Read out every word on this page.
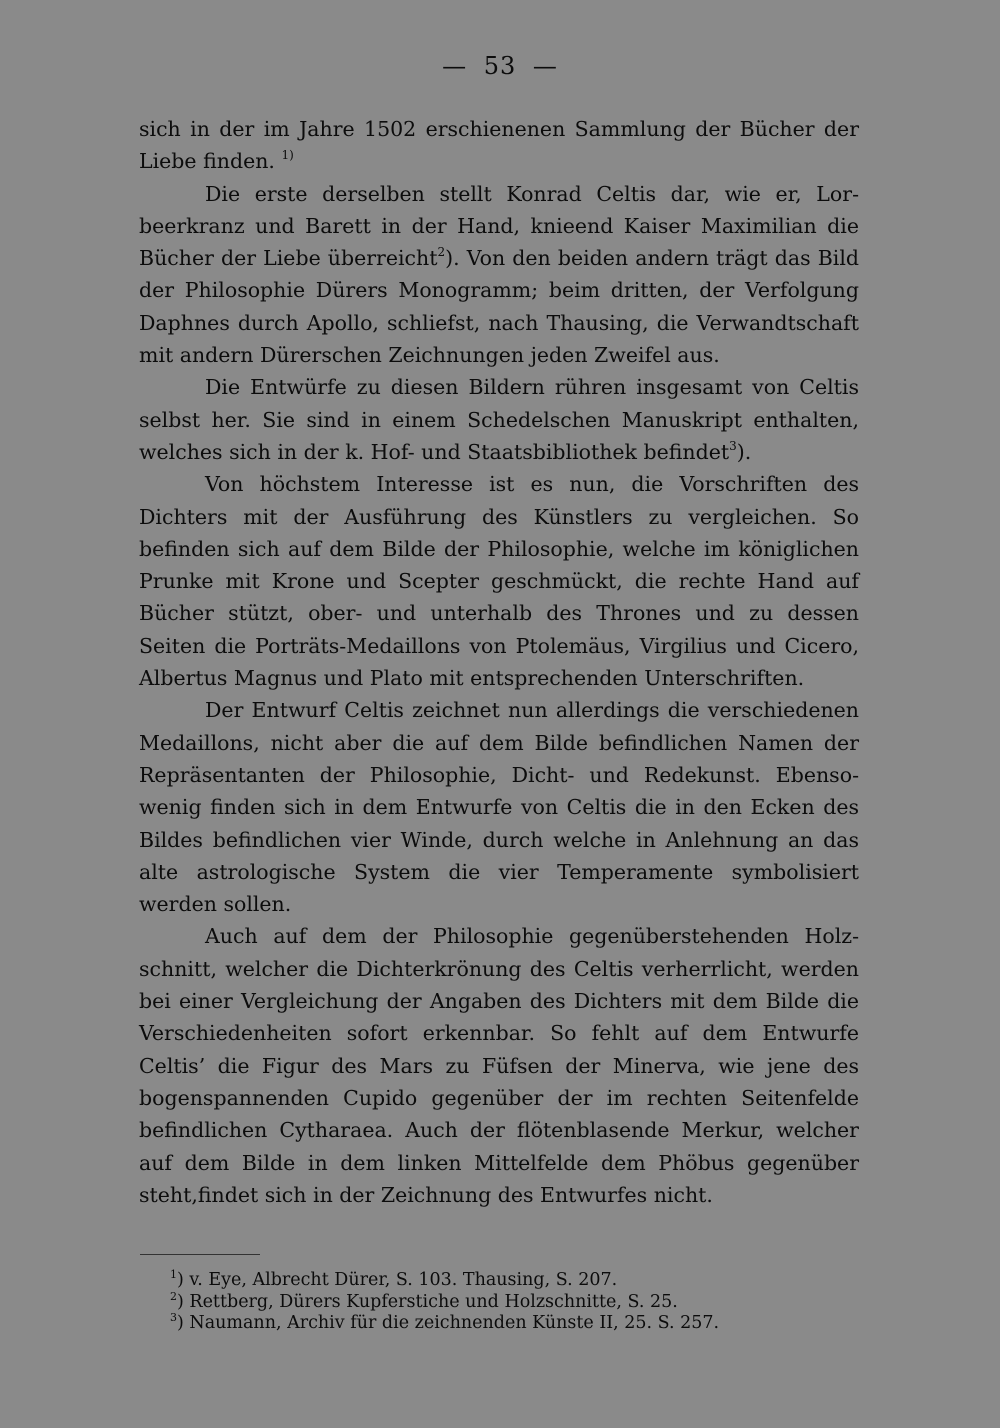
— 53 —

sich in der im Jahre 1502 erschienenen Sammlung der Bücher der Liebe finden. $^{1)}$

Die erste derselben stellt Konrad Celtis dar, wie er, Lorbeerkranz und Barett in der Hand, knieend Kaiser Maximilian die Bücher der Liebe überreicht$^2$). Von den beiden andern trägt das Bild der Philosophie Dürers Monogramm; beim dritten, der Verfolgung Daphnes durch Apollo, schliefst, nach Thausing, die Verwandtschaft mit andern Dürerschen Zeichnungen jeden Zweifel aus.

Die Entwürfe zu diesen Bildern rühren insgesamt von Celtis selbst her. Sie sind in einem Schedelschen Manuskript enthalten, welches sich in der k. Hof- und Staatsbibliothek befindet$^3$).

Von höchstem Interesse ist es nun, die Vorschriften des Dichters mit der Ausführung des Künstlers zu vergleichen. So befinden sich auf dem Bilde der Philosophie, welche im königlichen Prunke mit Krone und Scepter geschmückt, die rechte Hand auf Bücher stützt, ober- und unterhalb des Thrones und zu dessen Seiten die Porträts-Medaillons von Ptolemäus, Virgilius und Cicero, Albertus Magnus und Plato mit entsprechenden Unterschriften.

Der Entwurf Celtis zeichnet nun allerdings die verschiedenen Medaillons, nicht aber die auf dem Bilde befindlichen Namen der Repräsentanten der Philosophie, Dicht- und Redekunst. Ebensowenig finden sich in dem Entwurfe von Celtis die in den Ecken des Bildes befindlichen vier Winde, durch welche in Anlehnung an das alte astrologische System die vier Temperamente symbolisiert werden sollen.

Auch auf dem der Philosophie gegenüberstehenden Holzschnitt, welcher die Dichterkrönung des Celtis verherrlicht, werden bei einer Vergleichung der Angaben des Dichters mit dem Bilde die Verschiedenheiten sofort erkennbar. So fehlt auf dem Entwurfe Celtis’ die Figur des Mars zu Füfsen der Minerva, wie jene des bogenspannenden Cupido gegenüber der im rechten Seitenfelde befindlichen Cytharaea. Auch der flötenblasende Merkur, welcher auf dem Bilde in dem linken Mittelfelde dem Phöbus gegenüber steht,findet sich in der Zeichnung des Entwurfes nicht.

$^1$) v. Eye, Albrecht Dürer, S. 103. Thausing, S. 207.

$^2$) Rettberg, Dürers Kupferstiche und Holzschnitte, S. 25.

$^3$) Naumann, Archiv für die zeichnenden Künste II, 25. S. 257.
